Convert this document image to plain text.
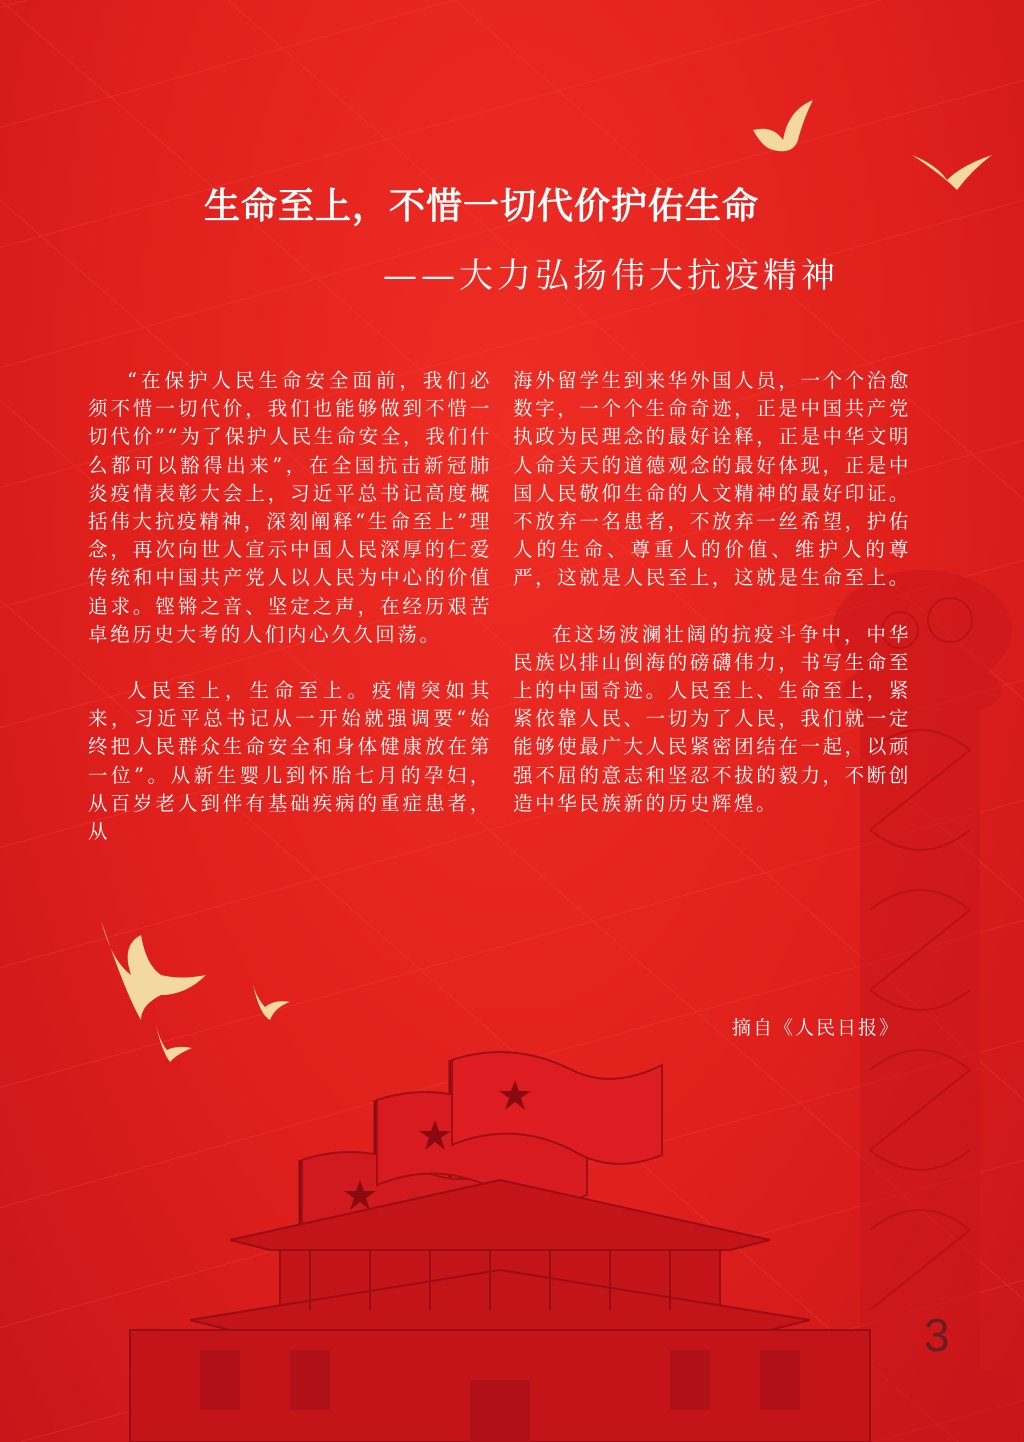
生命至上，不惜一切代价护佑生命
——大力弘扬伟大抗疫精神

“在保护人民生命安全面前，我们必须不惜一切代价，我们也能够做到不惜一切代价”“为了保护人民生命安全，我们什么都可以豁得出来”，在全国抗击新冠肺炎疫情表彰大会上，习近平总书记高度概括伟大抗疫精神，深刻阐释“生命至上”理念，再次向世人宣示中国人民深厚的仁爱传统和中国共产党人以人民为中心的价值追求。铿锵之音、坚定之声，在经历艰苦卓绝历史大考的人们内心久久回荡。

人民至上，生命至上。疫情突如其来，习近平总书记从一开始就强调要“始终把人民群众生命安全和身体健康放在第一位”。从新生婴儿到怀胎七月的孕妇，从百岁老人到伴有基础疾病的重症患者，从

海外留学生到来华外国人员，一个个治愈数字，一个个生命奇迹，正是中国共产党执政为民理念的最好诠释，正是中华文明人命关天的道德观念的最好体现，正是中国人民敬仰生命的人文精神的最好印证。不放弃一名患者，不放弃一丝希望，护佑人的生命、尊重人的价值、维护人的尊严，这就是人民至上，这就是生命至上。

在这场波澜壮阔的抗疫斗争中，中华民族以排山倒海的磅礴伟力，书写生命至上的中国奇迹。人民至上、生命至上，紧紧依靠人民、一切为了人民，我们就一定能够使最广大人民紧密团结在一起，以顽强不屈的意志和坚忍不拔的毅力，不断创造中华民族新的历史辉煌。

摘自《人民日报》
3
